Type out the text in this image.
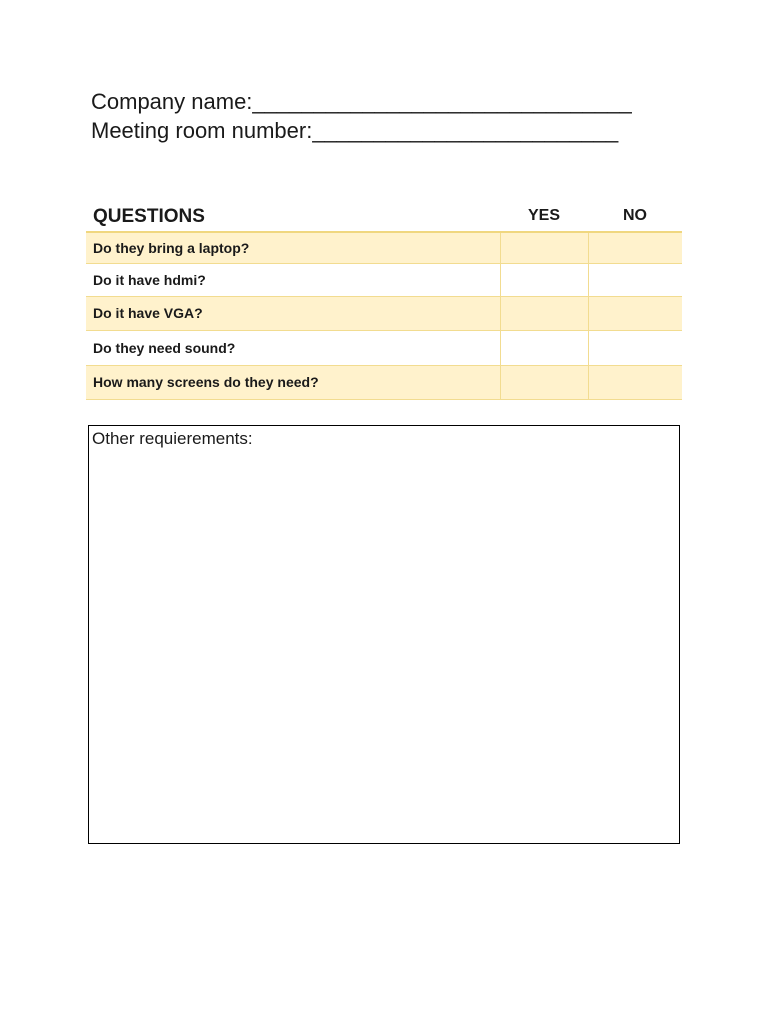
Company name:_______________________________
Meeting room number:_________________________
QUESTIONS	YES	NO
Do they bring a laptop?		
Do it have hdmi?		
Do it have VGA?		
Do they need sound?		
How many screens do they need?		
Other requierements:
